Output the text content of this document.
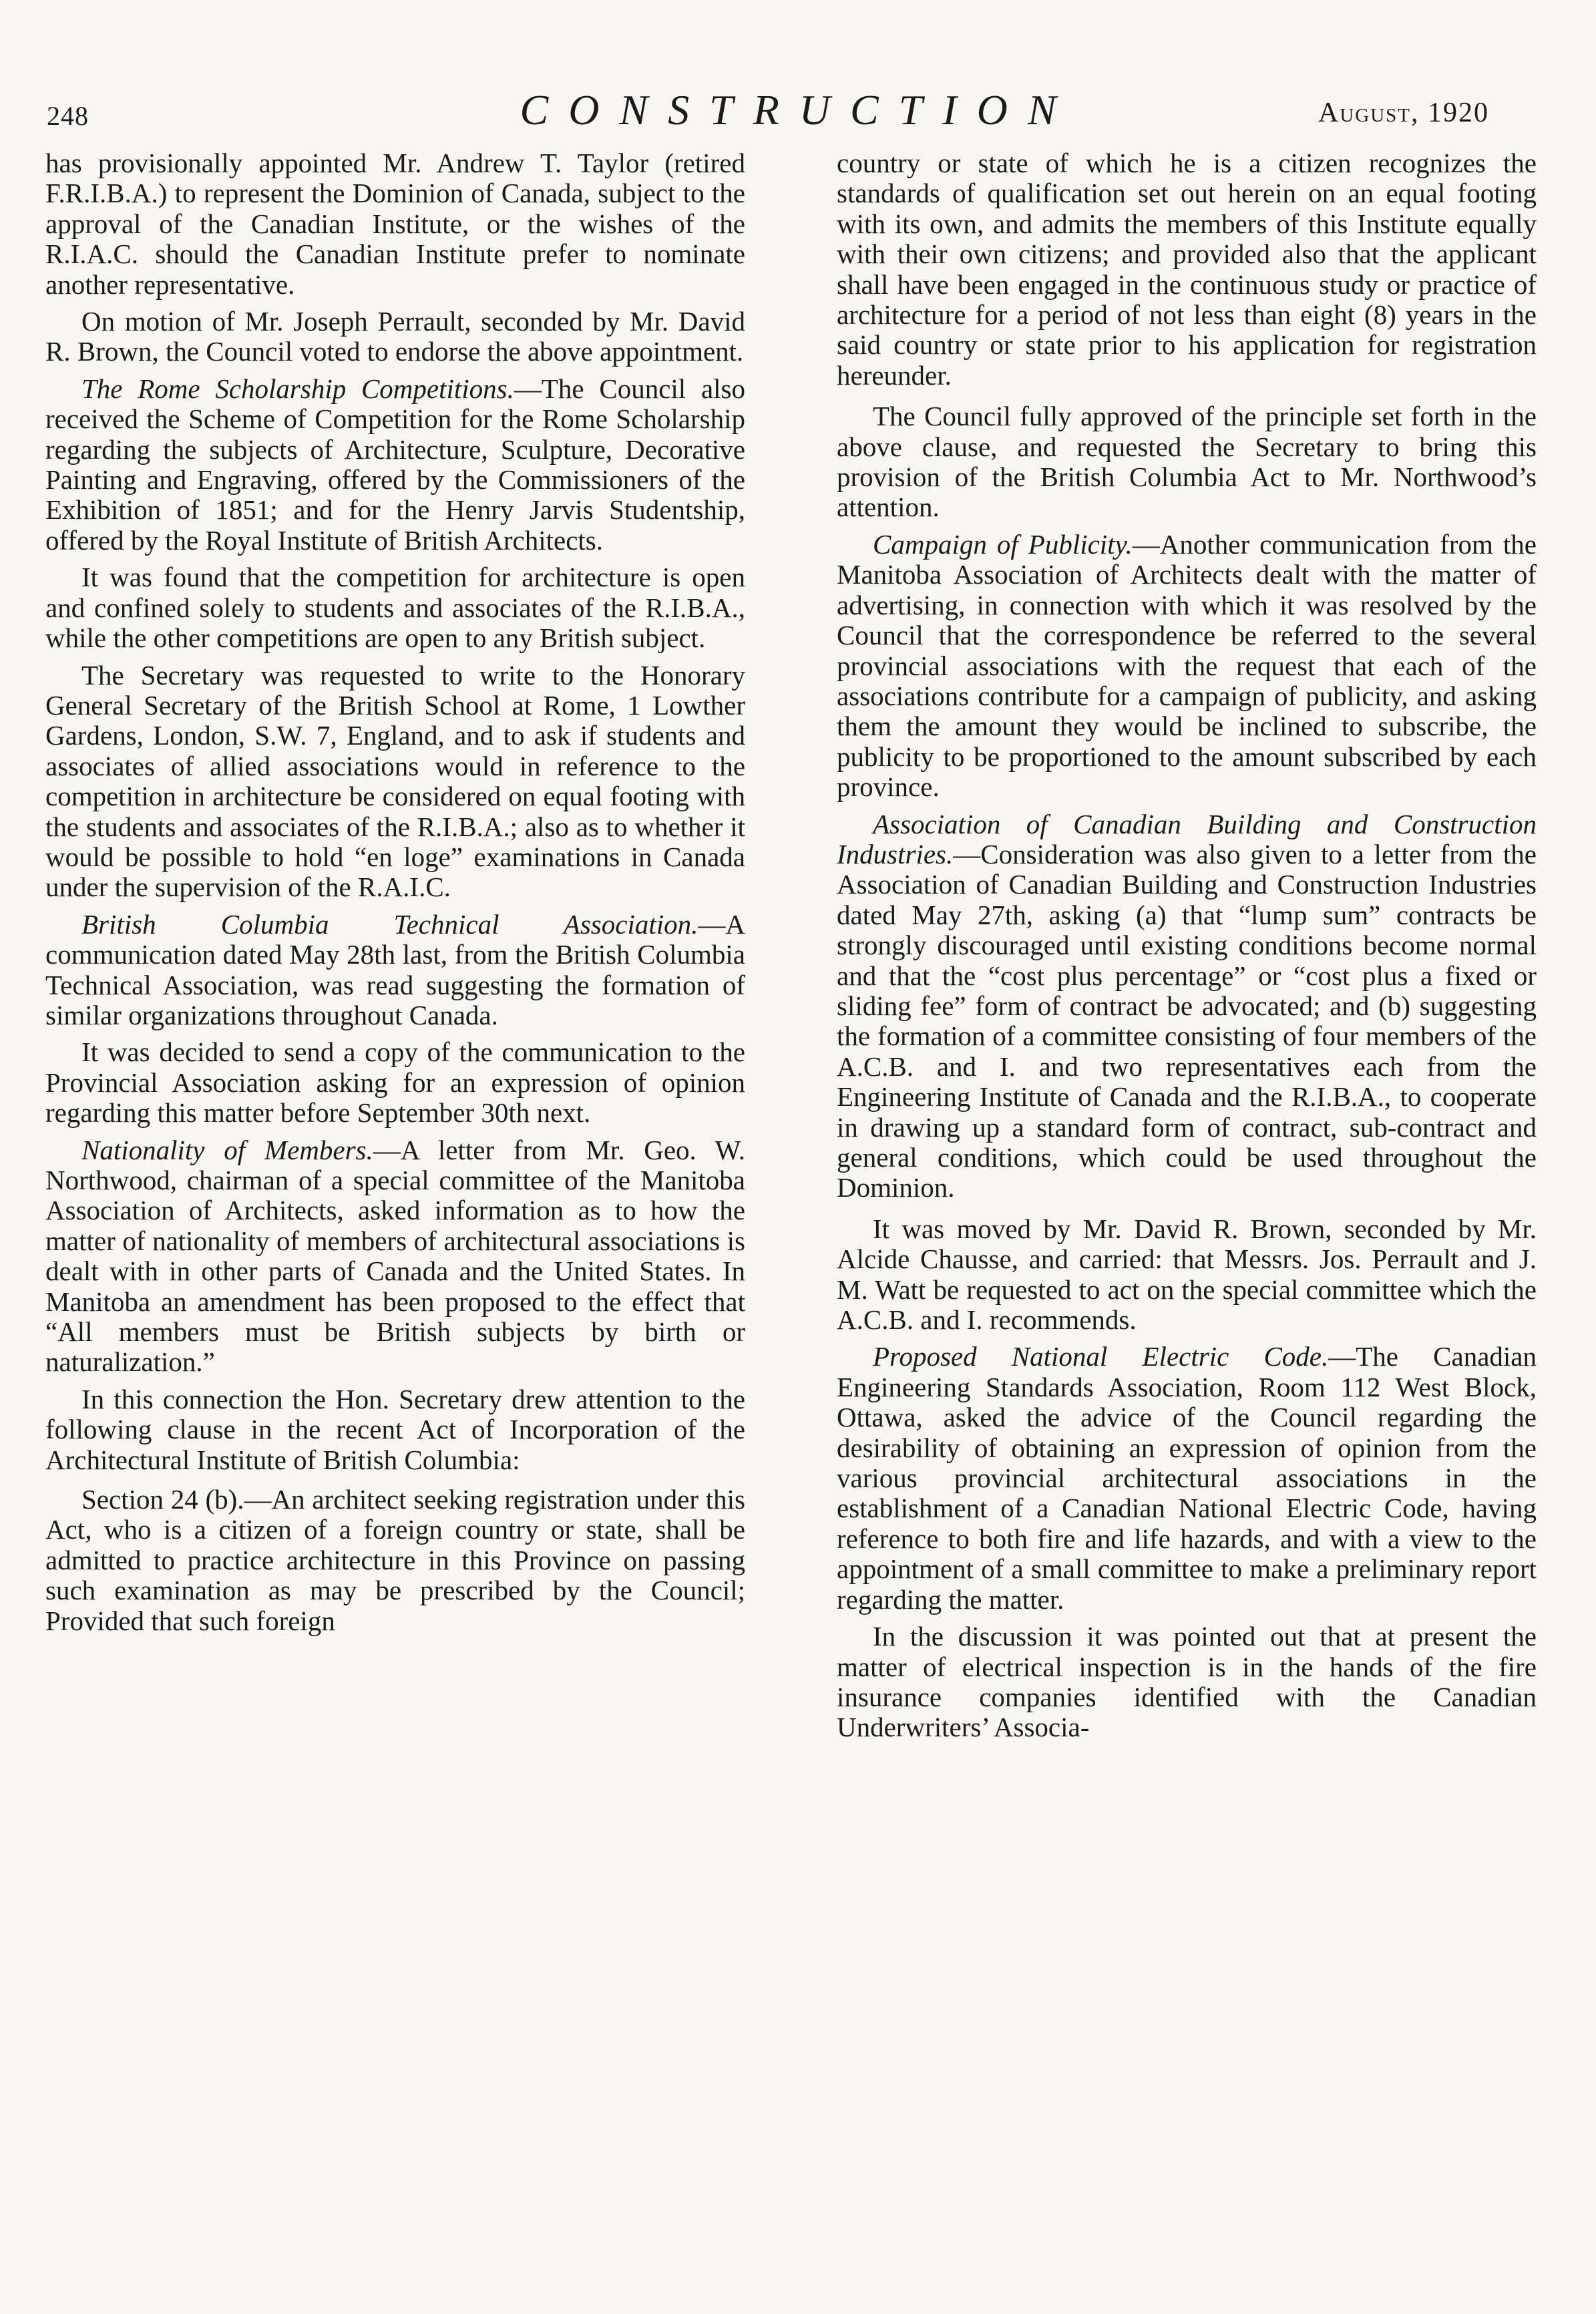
248	CONSTRUCTION	August, 1920

has provisionally appointed Mr. Andrew T. Taylor (retired F.R.I.B.A.) to represent the Dominion of Canada, subject to the approval of the Canadian Institute, or the wishes of the R.I.A.C. should the Canadian Institute prefer to nominate another representative.

On motion of Mr. Joseph Perrault, seconded by Mr. David R. Brown, the Council voted to endorse the above appointment.

The Rome Scholarship Competitions.—The Council also received the Scheme of Competition for the Rome Scholarship regarding the subjects of Architecture, Sculpture, Decorative Painting and Engraving, offered by the Commissioners of the Exhibition of 1851; and for the Henry Jarvis Studentship, offered by the Royal Institute of British Architects.

It was found that the competition for architecture is open and confined solely to students and associates of the R.I.B.A., while the other competitions are open to any British subject.

The Secretary was requested to write to the Honorary General Secretary of the British School at Rome, 1 Lowther Gardens, London, S.W. 7, England, and to ask if students and associates of allied associations would in reference to the competition in architecture be considered on equal footing with the students and associates of the R.I.B.A.; also as to whether it would be possible to hold “en loge” examinations in Canada under the supervision of the R.A.I.C.

British Columbia Technical Association.—A communication dated May 28th last, from the British Columbia Technical Association, was read suggesting the formation of similar organizations throughout Canada.

It was decided to send a copy of the communication to the Provincial Association asking for an expression of opinion regarding this matter before September 30th next.

Nationality of Members.—A letter from Mr. Geo. W. Northwood, chairman of a special committee of the Manitoba Association of Architects, asked information as to how the matter of nationality of members of architectural associations is dealt with in other parts of Canada and the United States. In Manitoba an amendment has been proposed to the effect that “All members must be British subjects by birth or naturalization.”

In this connection the Hon. Secretary drew attention to the following clause in the recent Act of Incorporation of the Architectural Institute of British Columbia:

Section 24 (b).—An architect seeking registration under this Act, who is a citizen of a foreign country or state, shall be admitted to practice architecture in this Province on passing such examination as may be prescribed by the Council; Provided that such foreign

country or state of which he is a citizen recognizes the standards of qualification set out herein on an equal footing with its own, and admits the members of this Institute equally with their own citizens; and provided also that the applicant shall have been engaged in the continuous study or practice of architecture for a period of not less than eight (8) years in the said country or state prior to his application for registration hereunder.

The Council fully approved of the principle set forth in the above clause, and requested the Secretary to bring this provision of the British Columbia Act to Mr. Northwood’s attention.

Campaign of Publicity.—Another communication from the Manitoba Association of Architects dealt with the matter of advertising, in connection with which it was resolved by the Council that the correspondence be referred to the several provincial associations with the request that each of the associations contribute for a campaign of publicity, and asking them the amount they would be inclined to subscribe, the publicity to be proportioned to the amount subscribed by each province.

Association of Canadian Building and Construction Industries.—Consideration was also given to a letter from the Association of Canadian Building and Construction Industries dated May 27th, asking (a) that “lump sum” contracts be strongly discouraged until existing conditions become normal and that the “cost plus percentage” or “cost plus a fixed or sliding fee” form of contract be advocated; and (b) suggesting the formation of a committee consisting of four members of the A.C.B. and I. and two representatives each from the Engineering Institute of Canada and the R.I.B.A., to cooperate in drawing up a standard form of contract, sub-contract and general conditions, which could be used throughout the Dominion.

It was moved by Mr. David R. Brown, seconded by Mr. Alcide Chausse, and carried: that Messrs. Jos. Perrault and J. M. Watt be requested to act on the special committee which the A.C.B. and I. recommends.

Proposed National Electric Code.—The Canadian Engineering Standards Association, Room 112 West Block, Ottawa, asked the advice of the Council regarding the desirability of obtaining an expression of opinion from the various provincial architectural associations in the establishment of a Canadian National Electric Code, having reference to both fire and life hazards, and with a view to the appointment of a small committee to make a preliminary report regarding the matter.

In the discussion it was pointed out that at present the matter of electrical inspection is in the hands of the fire insurance companies identified with the Canadian Underwriters’ Associa-
